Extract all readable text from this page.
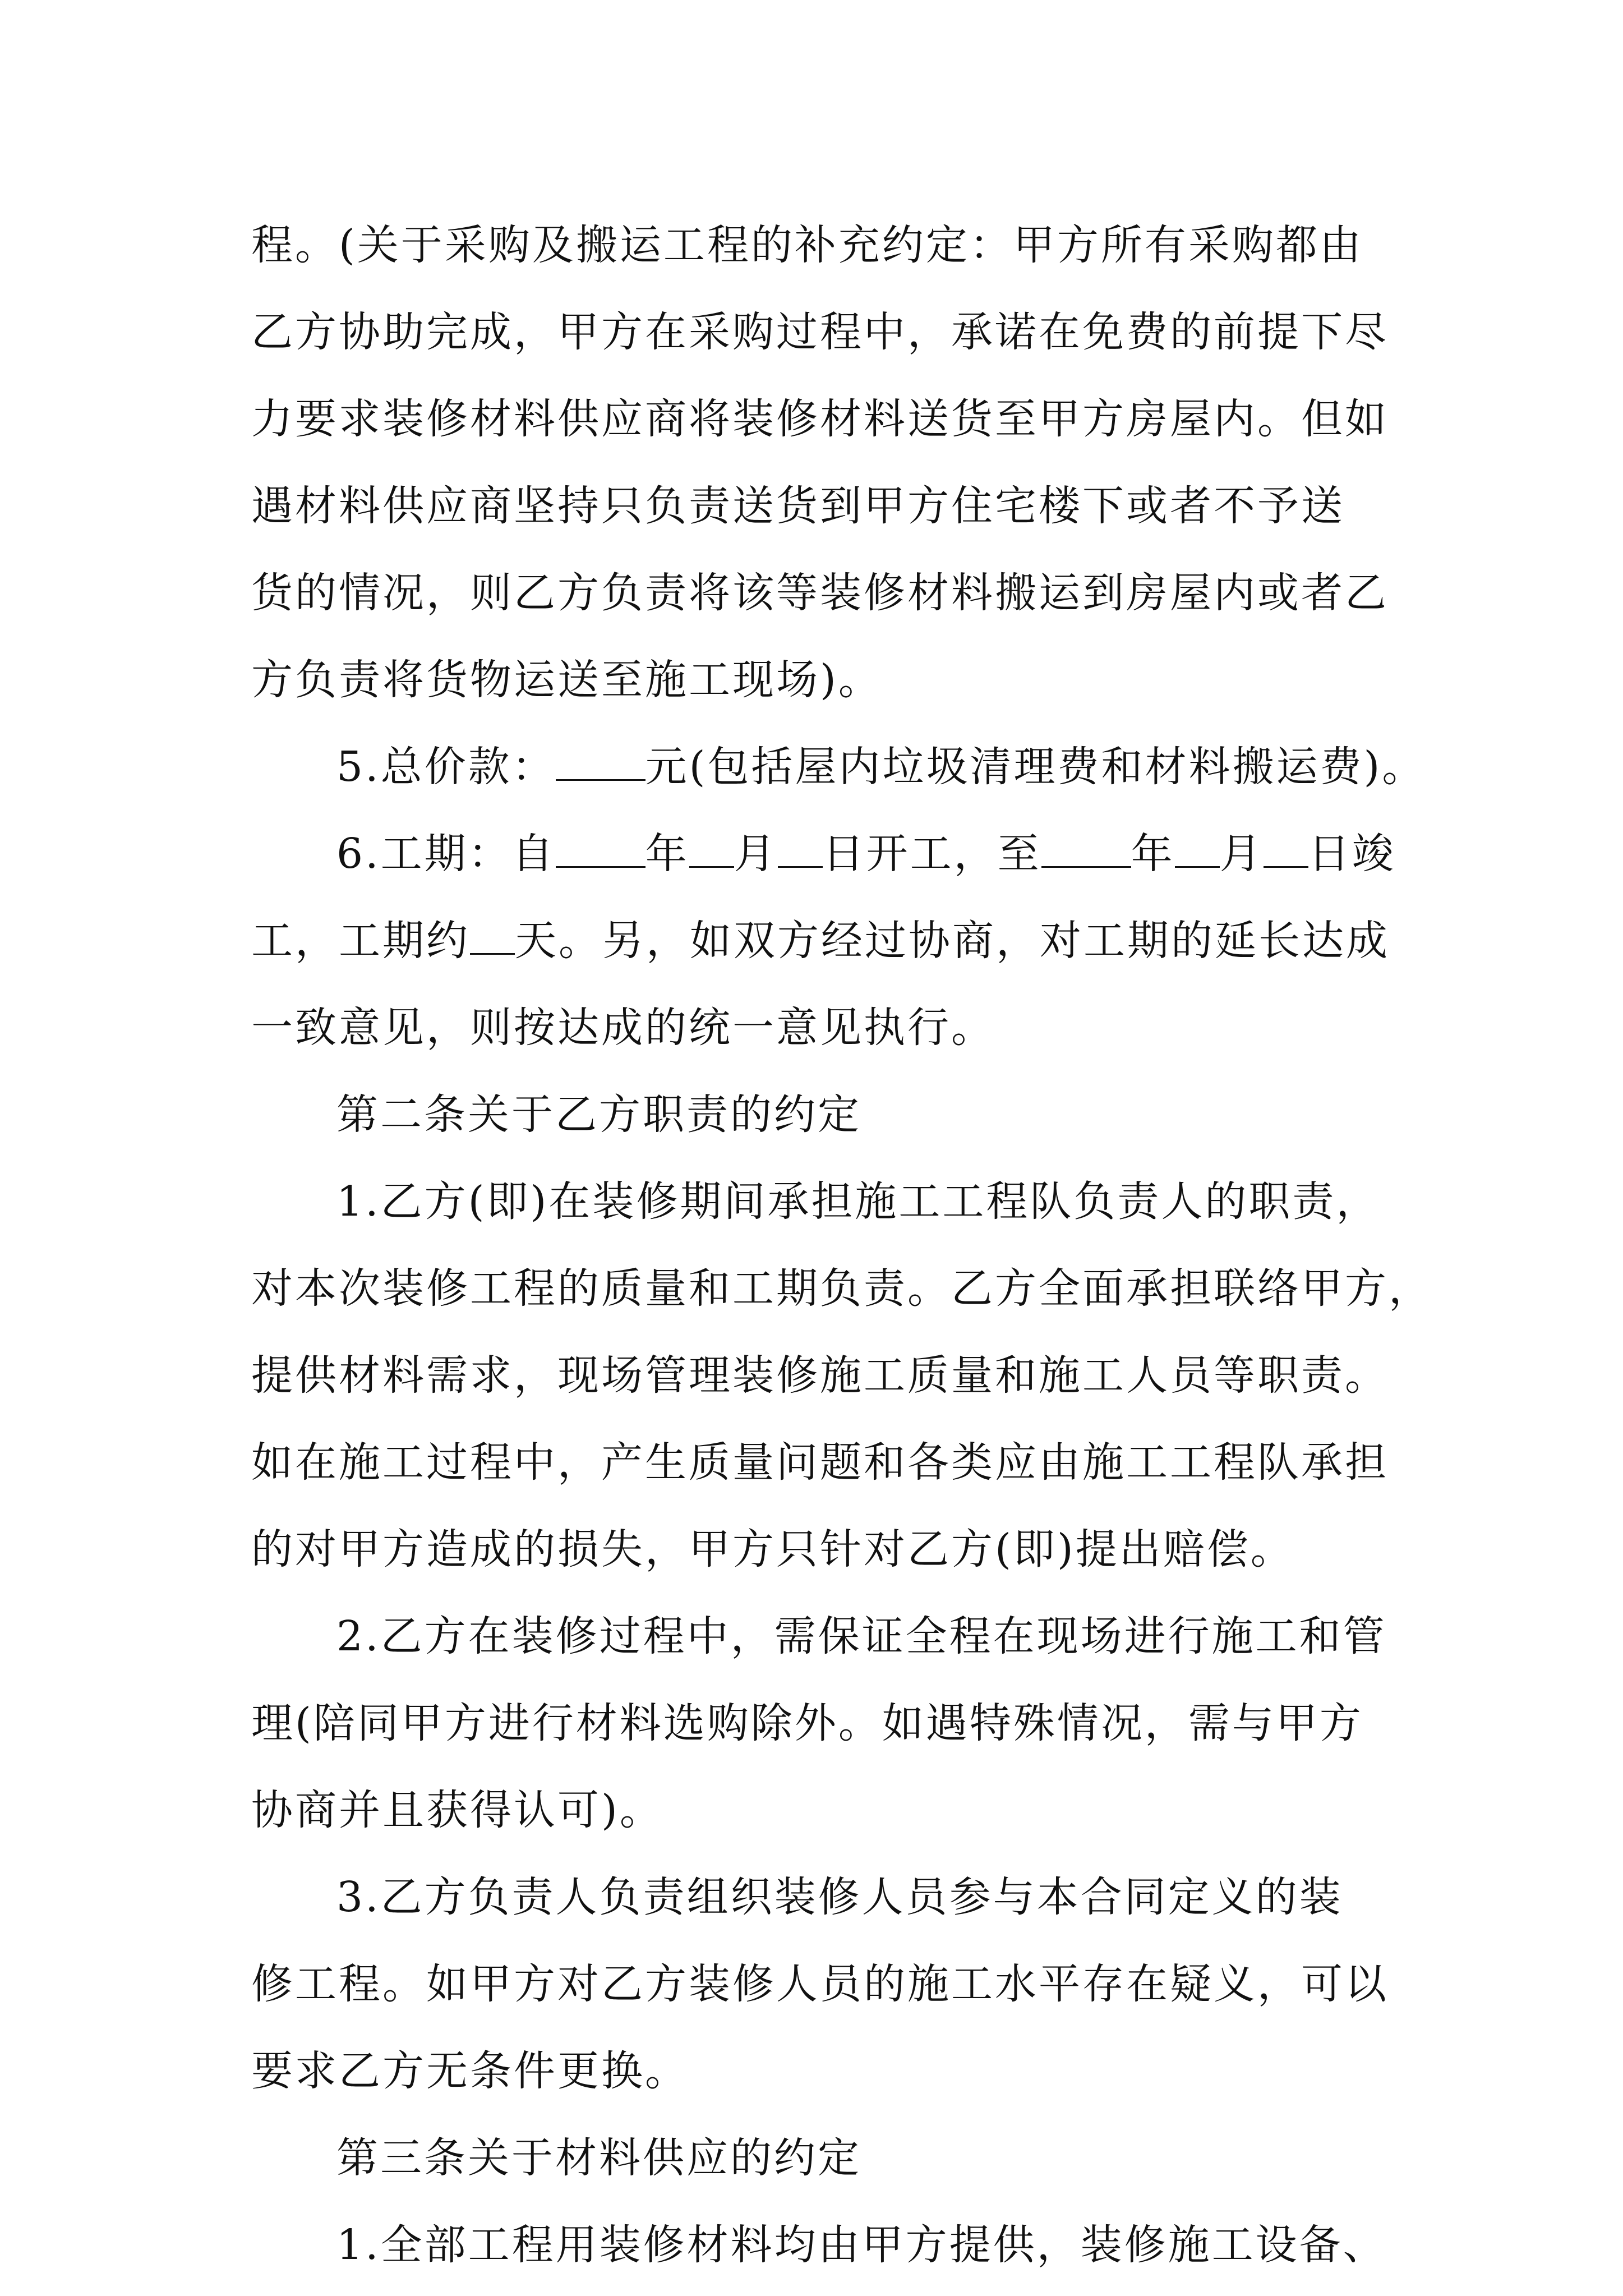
程。(关于采购及搬运工程的补充约定：甲方所有采购都由
乙方协助完成，甲方在采购过程中，承诺在免费的前提下尽
力要求装修材料供应商将装修材料送货至甲方房屋内。但如
遇材料供应商坚持只负责送货到甲方住宅楼下或者不予送
货的情况，则乙方负责将该等装修材料搬运到房屋内或者乙
方负责将货物运送至施工现场)。
5.总价款： 元(包括屋内垃圾清理费和材料搬运费)。
6.工期：自 年 月 日开工，至 年 月 日竣
工，工期约 天。另，如双方经过协商，对工期的延长达成
一致意见，则按达成的统一意见执行。
第二条关于乙方职责的约定
1.乙方(即)在装修期间承担施工工程队负责人的职责，
对本次装修工程的质量和工期负责。乙方全面承担联络甲方，
提供材料需求，现场管理装修施工质量和施工人员等职责。
如在施工过程中，产生质量问题和各类应由施工工程队承担
的对甲方造成的损失，甲方只针对乙方(即)提出赔偿。
2.乙方在装修过程中，需保证全程在现场进行施工和管
理(陪同甲方进行材料选购除外。如遇特殊情况，需与甲方
协商并且获得认可)。
3.乙方负责人负责组织装修人员参与本合同定义的装
修工程。如甲方对乙方装修人员的施工水平存在疑义，可以
要求乙方无条件更换。
第三条关于材料供应的约定
1.全部工程用装修材料均由甲方提供，装修施工设备、
